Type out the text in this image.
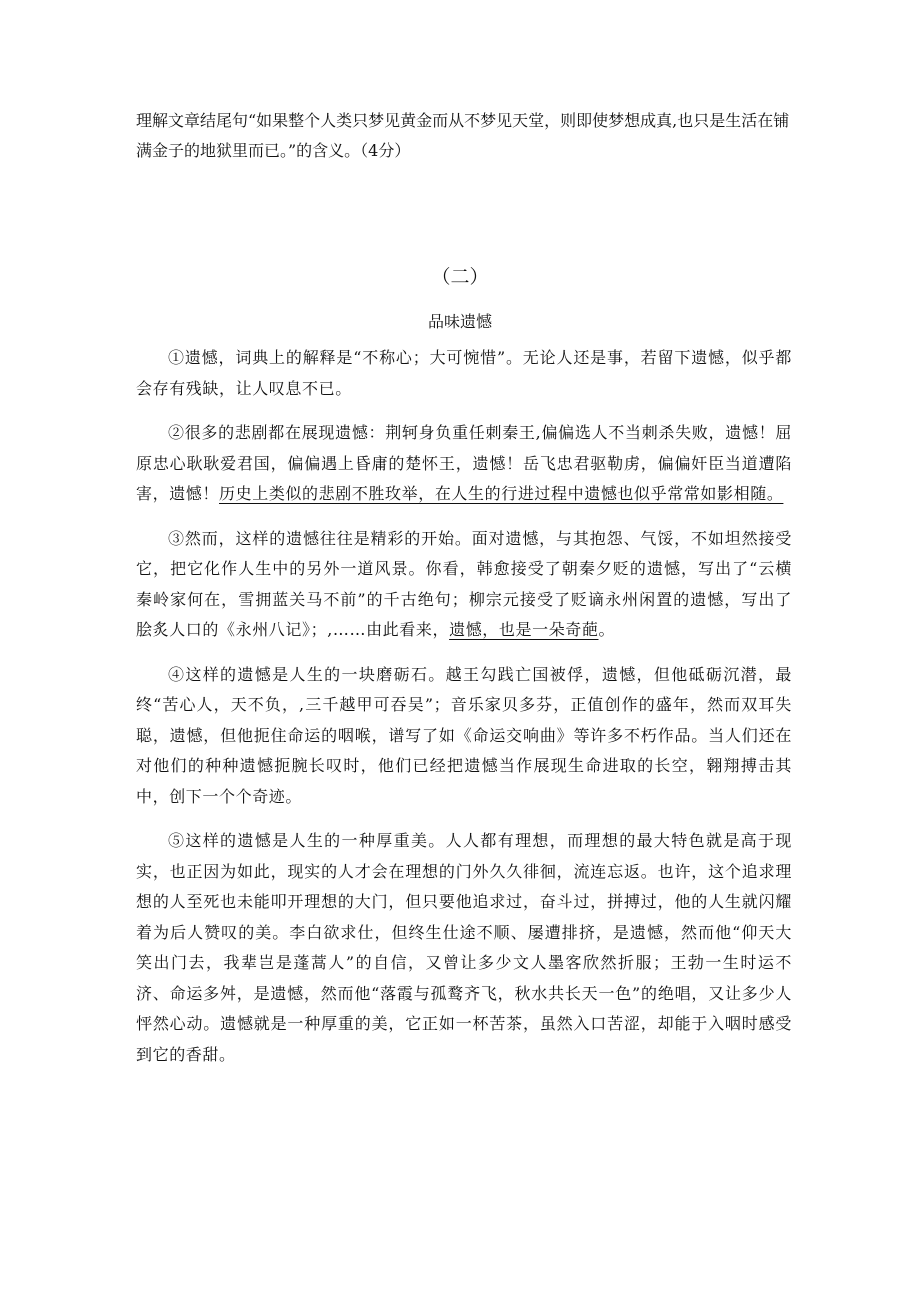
理解文章结尾句“如果整个人类只梦见黄金而从不梦见天堂，则即使梦想成真,也只是生活在铺满金子的地狱里而已。”的含义。（4分）

（二）

品味遗憾

①遗憾，词典上的解释是“不称心；大可惋惜”。无论人还是事，若留下遗憾，似乎都会存有残缺，让人叹息不已。

②很多的悲剧都在展现遗憾：荆轲身负重任刺秦王,偏偏选人不当刺杀失败，遗憾！屈原忠心耿耿爱君国，偏偏遇上昏庸的楚怀王，遗憾！岳飞忠君驱勒虏，偏偏奸臣当道遭陷害，遗憾！历史上类似的悲剧不胜玫举，在人生的行进过程中遗憾也似乎常常如影相随。

③然而，这样的遗憾往往是精彩的开始。面对遗憾，与其抱怨、气馁，不如坦然接受它，把它化作人生中的另外一道风景。你看，韩愈接受了朝秦夕贬的遗憾，写出了“云横秦岭家何在，雪拥蓝关马不前”的千古绝句；柳宗元接受了贬谪永州闲置的遗憾，写出了脍炙人口的《永州八记》；,……由此看来，遗憾，也是一朵奇葩。

④这样的遗憾是人生的一块磨砺石。越王勾践亡国被俘，遗憾，但他砥砺沉潜，最终“苦心人，天不负，,三千越甲可吞吴”；音乐家贝多芬，正值创作的盛年，然而双耳失聪，遗憾，但他扼住命运的咽喉，谱写了如《命运交响曲》等许多不朽作品。当人们还在对他们的种种遗憾扼腕长叹时，他们已经把遗憾当作展现生命进取的长空，翱翔搏击其中，创下一个个奇迹。

⑤这样的遗憾是人生的一种厚重美。人人都有理想，而理想的最大特色就是高于现实，也正因为如此，现实的人才会在理想的门外久久徘徊，流连忘返。也许，这个追求理想的人至死也未能叩开理想的大门，但只要他追求过，奋斗过，拼搏过，他的人生就闪耀着为后人赞叹的美。李白欲求仕，但终生仕途不顺、屡遭排挤，是遗憾，然而他“仰天大笑出门去，我辈岂是蓬蒿人”的自信，又曾让多少文人墨客欣然折服；王勃一生时运不济、命运多舛，是遗憾，然而他“落霞与孤鹜齐飞，秋水共长天一色”的绝唱，又让多少人怦然心动。遗憾就是一种厚重的美，它正如一杯苦茶，虽然入口苦涩，却能于入咽时感受到它的香甜。
